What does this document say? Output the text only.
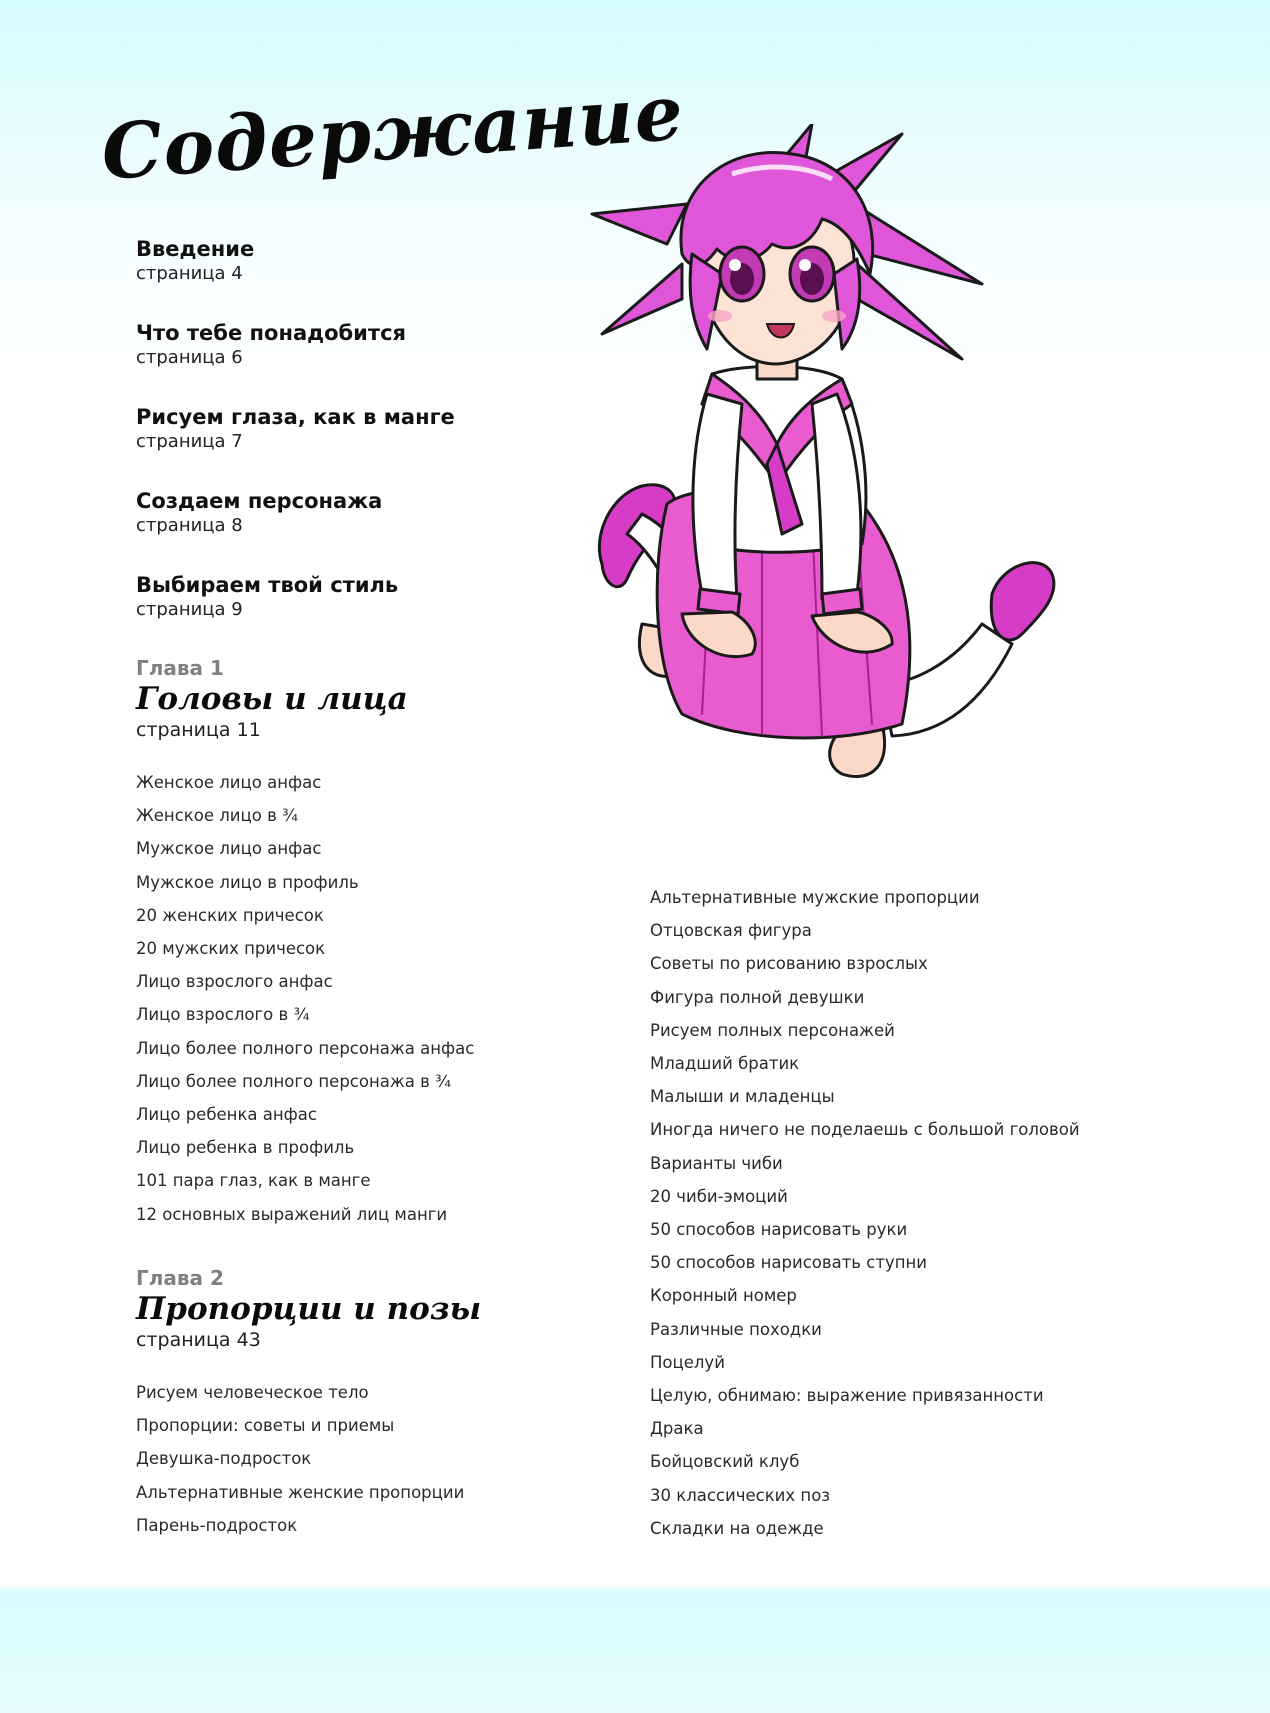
Содержание
Введение
страница 4
Что тебе понадобится
страница 6
Рисуем глаза, как в манге
страница 7
Создаем персонажа
страница 8
Выбираем твой стиль
страница 9
Глава 1
Головы и лица
страница 11
Женское лицо анфас
Женское лицо в ¾
Мужское лицо анфас
Мужское лицо в профиль
20 женских причесок
20 мужских причесок
Лицо взрослого анфас
Лицо взрослого в ¾
Лицо более полного персонажа анфас
Лицо более полного персонажа в ¾
Лицо ребенка анфас
Лицо ребенка в профиль
101 пара глаз, как в манге
12 основных выражений лиц манги
Глава 2
Пропорции и позы
страница 43
Рисуем человеческое тело
Пропорции: советы и приемы
Девушка-подросток
Альтернативные женские пропорции
Парень-подросток
Альтернативные мужские пропорции
Отцовская фигура
Советы по рисованию взрослых
Фигура полной девушки
Рисуем полных персонажей
Младший братик
Малыши и младенцы
Иногда ничего не поделаешь с большой головой
Варианты чиби
20 чиби-эмоций
50 способов нарисовать руки
50 способов нарисовать ступни
Коронный номер
Различные походки
Поцелуй
Целую, обнимаю: выражение привязанности
Драка
Бойцовский клуб
30 классических поз
Складки на одежде
